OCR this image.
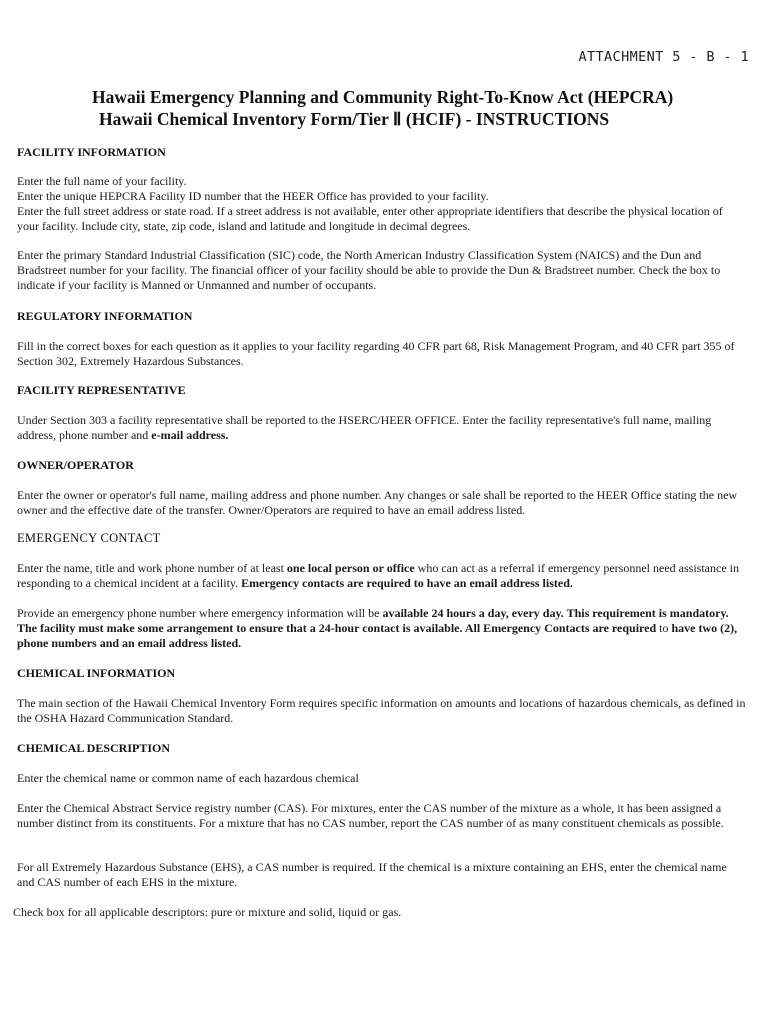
ATTACHMENT 5 - B - 1
Hawaii Emergency Planning and Community Right-To-Know Act (HEPCRA)
Hawaii Chemical Inventory Form/Tier Ⅱ (HCIF) - INSTRUCTIONS
FACILITY INFORMATION
Enter the full name of your facility.
Enter the unique HEPCRA Facility ID number that the HEER Office has provided to your facility.
Enter the full street address or state road. If a street address is not available, enter other appropriate identifiers that describe the physical location of your facility. Include city, state, zip code, island and latitude and longitude in decimal degrees.
Enter the primary Standard Industrial Classification (SIC) code, the North American Industry Classification System (NAICS) and the Dun and Bradstreet number for your facility. The financial officer of your facility should be able to provide the Dun & Bradstreet number. Check the box to indicate if your facility is Manned or Unmanned and number of occupants.
REGULATORY INFORMATION
Fill in the correct boxes for each question as it applies to your facility regarding 40 CFR part 68, Risk Management Program, and 40 CFR part 355 of Section 302, Extremely Hazardous Substances.
FACILITY REPRESENTATIVE
Under Section 303 a facility representative shall be reported to the HSERC/HEER OFFICE. Enter the facility representative's full name, mailing address, phone number and e-mail address.
OWNER/OPERATOR
Enter the owner or operator's full name, mailing address and phone number. Any changes or sale shall be reported to the HEER Office stating the new owner and the effective date of the transfer. Owner/Operators are required to have an email address listed.
EMERGENCY CONTACT
Enter the name, title and work phone number of at least one local person or office who can act as a referral if emergency personnel need assistance in responding to a chemical incident at a facility. Emergency contacts are required to have an email address listed.
Provide an emergency phone number where emergency information will be available 24 hours a day, every day. This requirement is mandatory. The facility must make some arrangement to ensure that a 24-hour contact is available. All Emergency Contacts are required to have two (2), phone numbers and an email address listed.
CHEMICAL INFORMATION
The main section of the Hawaii Chemical Inventory Form requires specific information on amounts and locations of hazardous chemicals, as defined in the OSHA Hazard Communication Standard.
CHEMICAL DESCRIPTION
Enter the chemical name or common name of each hazardous chemical
Enter the Chemical Abstract Service registry number (CAS). For mixtures, enter the CAS number of the mixture as a whole, it has been assigned a number distinct from its constituents. For a mixture that has no CAS number, report the CAS number of as many constituent chemicals as possible.
For all Extremely Hazardous Substance (EHS), a CAS number is required. If the chemical is a mixture containing an EHS, enter the chemical name and CAS number of each EHS in the mixture.
Check box for all applicable descriptors: pure or mixture and solid, liquid or gas.
